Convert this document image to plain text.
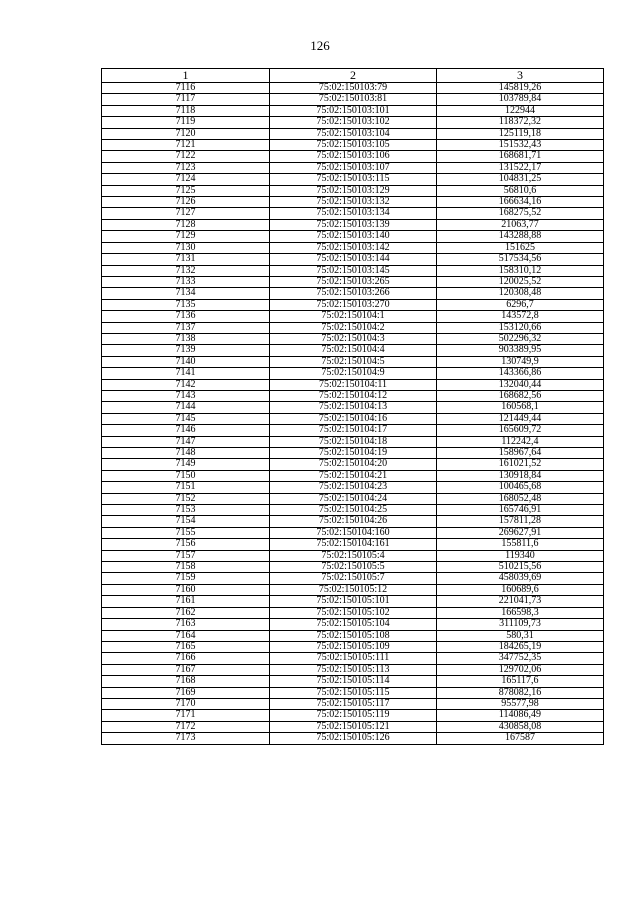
126
1	2	3
7116	75:02:150103:79	145819,26
7117	75:02:150103:81	103789,84
7118	75:02:150103:101	122944
7119	75:02:150103:102	118372,32
7120	75:02:150103:104	125119,18
7121	75:02:150103:105	151532,43
7122	75:02:150103:106	168681,71
7123	75:02:150103:107	131522,17
7124	75:02:150103:115	104831,25
7125	75:02:150103:129	56810,6
7126	75:02:150103:132	166634,16
7127	75:02:150103:134	168275,52
7128	75:02:150103:139	21063,77
7129	75:02:150103:140	143288,88
7130	75:02:150103:142	151625
7131	75:02:150103:144	517534,56
7132	75:02:150103:145	158310,12
7133	75:02:150103:265	120025,52
7134	75:02:150103:266	120308,48
7135	75:02:150103:270	6296,7
7136	75:02:150104:1	143572,8
7137	75:02:150104:2	153120,66
7138	75:02:150104:3	502296,32
7139	75:02:150104:4	903389,95
7140	75:02:150104:5	130749,9
7141	75:02:150104:9	143366,86
7142	75:02:150104:11	132040,44
7143	75:02:150104:12	168682,56
7144	75:02:150104:13	160568,1
7145	75:02:150104:16	121449,44
7146	75:02:150104:17	165609,72
7147	75:02:150104:18	112242,4
7148	75:02:150104:19	158967,64
7149	75:02:150104:20	161021,52
7150	75:02:150104:21	130918,84
7151	75:02:150104:23	100465,68
7152	75:02:150104:24	168052,48
7153	75:02:150104:25	165746,91
7154	75:02:150104:26	157811,28
7155	75:02:150104:160	269627,91
7156	75:02:150104:161	155811,6
7157	75:02:150105:4	119340
7158	75:02:150105:5	510215,56
7159	75:02:150105:7	458039,69
7160	75:02:150105:12	160689,6
7161	75:02:150105:101	221041,73
7162	75:02:150105:102	166598,3
7163	75:02:150105:104	311109,73
7164	75:02:150105:108	580,31
7165	75:02:150105:109	184265,19
7166	75:02:150105:111	347752,35
7167	75:02:150105:113	129702,06
7168	75:02:150105:114	165117,6
7169	75:02:150105:115	878082,16
7170	75:02:150105:117	95577,98
7171	75:02:150105:119	114086,49
7172	75:02:150105:121	430858,08
7173	75:02:150105:126	167587
